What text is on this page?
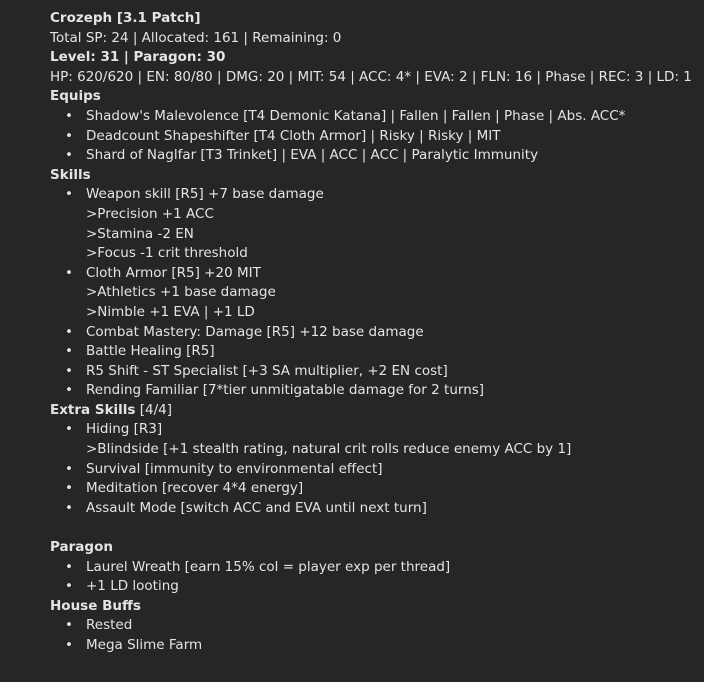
Crozeph [3.1 Patch]
Total SP: 24 | Allocated: 161 | Remaining: 0
Level: 31 | Paragon: 30
HP: 620/620 | EN: 80/80 | DMG: 20 | MIT: 54 | ACC: 4* | EVA: 2 | FLN: 16 | Phase | REC: 3 | LD: 1
Equips
• Shadow's Malevolence [T4 Demonic Katana] | Fallen | Fallen | Phase | Abs. ACC*
• Deadcount Shapeshifter [T4 Cloth Armor] | Risky | Risky | MIT
• Shard of Naglfar [T3 Trinket] | EVA | ACC | ACC | Paralytic Immunity
Skills
• Weapon skill [R5] +7 base damage
>Precision +1 ACC
>Stamina -2 EN
>Focus -1 crit threshold
• Cloth Armor [R5] +20 MIT
>Athletics +1 base damage
>Nimble +1 EVA | +1 LD
• Combat Mastery: Damage [R5] +12 base damage
• Battle Healing [R5]
• R5 Shift - ST Specialist [+3 SA multiplier, +2 EN cost]
• Rending Familiar [7*tier unmitigatable damage for 2 turns]
Extra Skills [4/4]
• Hiding [R3]
>Blindside [+1 stealth rating, natural crit rolls reduce enemy ACC by 1]
• Survival [immunity to environmental effect]
• Meditation [recover 4*4 energy]
• Assault Mode [switch ACC and EVA until next turn]
Paragon
• Laurel Wreath [earn 15% col = player exp per thread]
• +1 LD looting
House Buffs
• Rested
• Mega Slime Farm
